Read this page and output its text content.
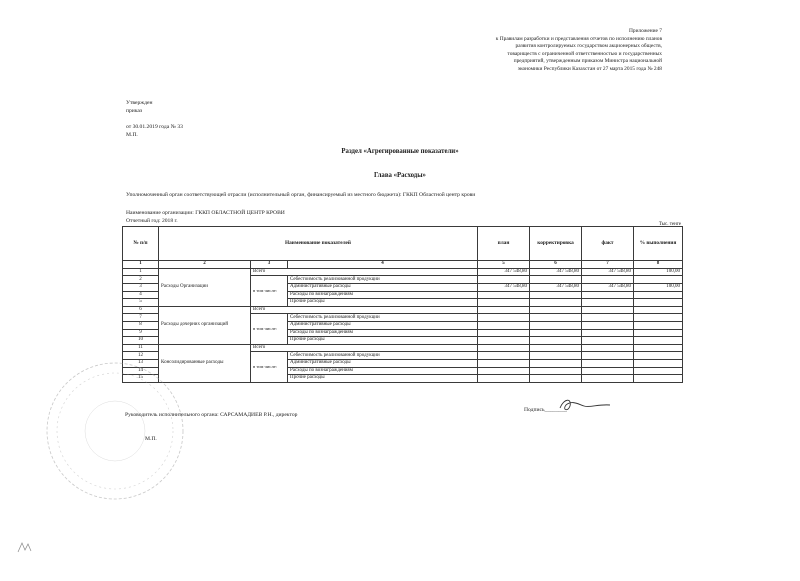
Приложение 7
к Правилам разработки и представления отчетов по исполнению планов
развития контролируемых государством акционерных обществ,
товариществ с ограниченной ответственностью и государственных
предприятий, утвержденным приказом Министра национальной
экономики Республики Казахстан от 27 марта 2015 года № 248
Утвержден
приказ
от 30.01.2019 года № 33
М.П.
Раздел «Агрегированные показатели»
Глава «Расходы»
Уполномоченный орган соответствующей отрасли (исполнительный орган, финансируемый из местного бюджета): ГККП Областной центр крови
Наименование организации: ГККП ОБЛАСТНОЙ ЦЕНТР КРОВИ
Отчетный год: 2018 г.
Тыс. тенге
№ п/п	Наименование показателей			план	корректировка	факт	% выполнения
1	2	3	4	5	6	7	8
1	Расходы Организации	Всего		347 548,80	347 548,80	347 548,80	100,00
2		в том числе:	Себестоимость реализованной продукции				
3			Административные расходы	347 548,80	347 548,80	347 548,80	100,00
4			Расходы по вознаграждениям				
5			Прочие расходы				
6	Расходы дочерних организаций	Всего					
7		в том числе:	Себестоимость реализованной продукции				
8			Административные расходы				
9			Расходы по вознаграждениям				
10			Прочие расходы				
11	Консолидированные расходы	Всего					
12		в том числе:	Себестоимость реализованной продукции				
13			Административные расходы				
14			Расходы по вознаграждениям				
15			Прочие расходы				
Руководитель исполнительного органа: САРСАМАДИЕВ Р.Н., директор
Подпись________
М.П.
